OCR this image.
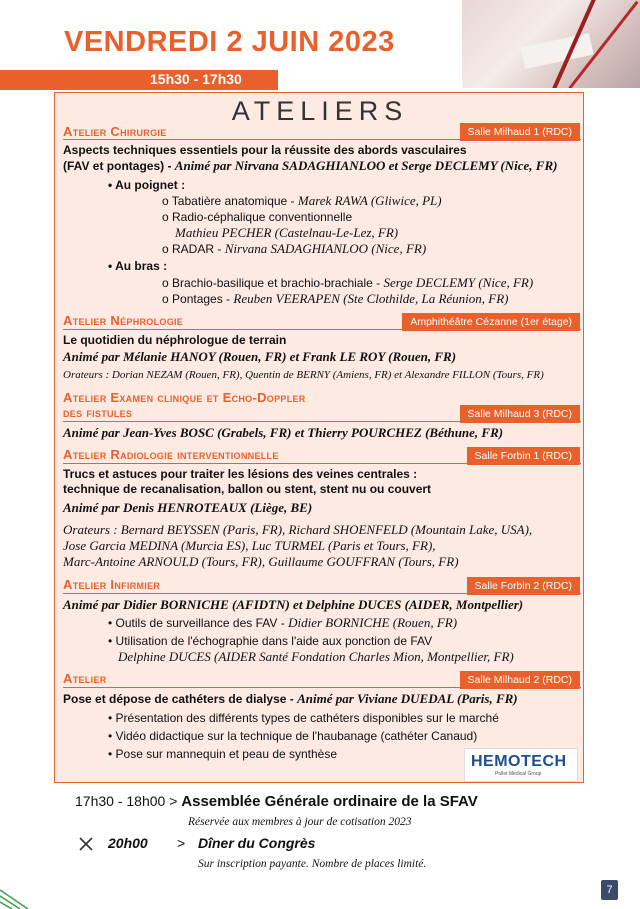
VENDREDI 2 JUIN 2023
15h30 - 17h30
ATELIERS
Atelier Chirurgie	Salle Milhaud 1 (RDC)
Aspects techniques essentiels pour la réussite des abords vasculaires
(FAV et pontages) - Animé par Nirvana SADAGHIANLOO et Serge DECLEMY (Nice, FR)
• Au poignet :
o Tabatière anatomique - Marek RAWA (Gliwice, PL)
o Radio-céphalique conventionnelle
Mathieu PECHER (Castelnau-Le-Lez, FR)
o RADAR - Nirvana SADAGHIANLOO (Nice, FR)
• Au bras :
o Brachio-basilique et brachio-brachiale - Serge DECLEMY (Nice, FR)
o Pontages - Reuben VEERAPEN (Ste Clothilde, La Réunion, FR)
Atelier Néphrologie	Amphithéâtre Cézanne (1er étage)
Le quotidien du néphrologue de terrain
Animé par Mélanie HANOY (Rouen, FR) et Frank LE ROY (Rouen, FR)
Orateurs : Dorian NEZAM (Rouen, FR), Quentin de BERNY (Amiens, FR) et Alexandre FILLON (Tours, FR)
Atelier Examen clinique et Echo-Doppler
des fistules	Salle Milhaud 3 (RDC)
Animé par Jean-Yves BOSC (Grabels, FR) et Thierry POURCHEZ (Béthune, FR)
Atelier Radiologie interventionnelle	Salle Forbin 1 (RDC)
Trucs et astuces pour traiter les lésions des veines centrales :
technique de recanalisation, ballon ou stent, stent nu ou couvert
Animé par Denis HENROTEAUX (Liège, BE)
Orateurs : Bernard BEYSSEN (Paris, FR), Richard SHOENFELD (Mountain Lake, USA),
Jose Garcia MEDINA (Murcia ES), Luc TURMEL (Paris et Tours, FR),
Marc-Antoine ARNOULD (Tours, FR), Guillaume GOUFFRAN (Tours, FR)
Atelier Infirmier	Salle Forbin 2 (RDC)
Animé par Didier BORNICHE (AFIDTN) et Delphine DUCES (AIDER, Montpellier)
• Outils de surveillance des FAV - Didier BORNICHE (Rouen, FR)
• Utilisation de l'échographie dans l'aide aux ponction de FAV
Delphine DUCES (AIDER Santé Fondation Charles Mion, Montpellier, FR)
Atelier	Salle Milhaud 2 (RDC)
Pose et dépose de cathéters de dialyse - Animé par Viviane DUEDAL (Paris, FR)
• Présentation des différents types de cathéters disponibles sur le marché
• Vidéo didactique sur la technique de l'haubanage (cathéter Canaud)
• Pose sur mannequin et peau de synthèse	HEMOTECH
Pollet Medical Group
17h30 - 18h00 > Assemblée Générale ordinaire de la SFAV
Réservée aux membres à jour de cotisation 2023
20h00 > Dîner du Congrès
Sur inscription payante. Nombre de places limité.
7
